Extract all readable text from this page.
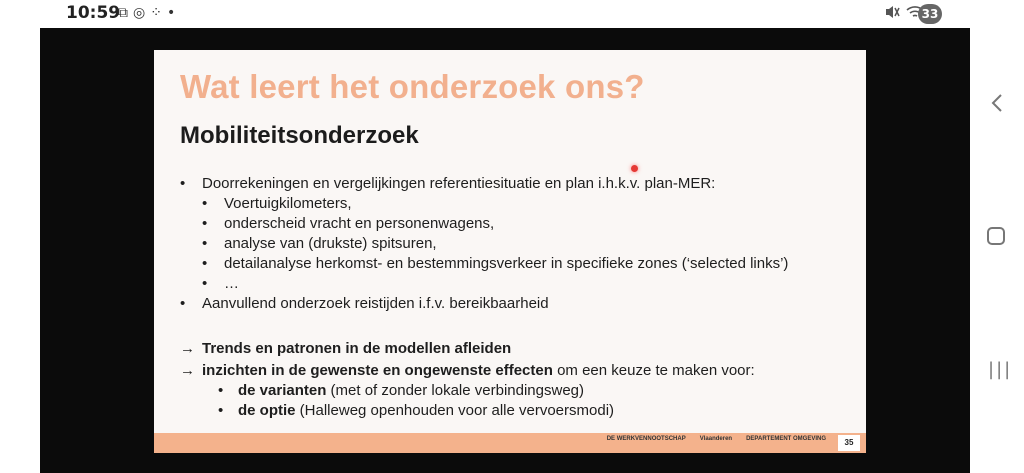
10:59
⧉ ◎ ⁘ •	33
Wat leert het onderzoek ons?
Mobiliteitsonderzoek
• Doorrekeningen en vergelijkingen referentiesituatie en plan i.h.k.v. plan-MER:
• Voertuigkilometers,
• onderscheid vracht en personenwagens,
• analyse van (drukste) spitsuren,
• detailanalyse herkomst- en bestemmingsverkeer in specifieke zones (‘selected links’)
• …
• Aanvullend onderzoek reistijden i.f.v. bereikbaarheid
→ Trends en patronen in de modellen afleiden
→ inzichten in de gewenste en ongewenste effecten om een keuze te maken voor:
• de varianten (met of zonder lokale verbindingsweg)
• de optie (Halleweg openhouden voor alle vervoersmodi)
DE WERKVENNOOTSCHAP Vlaanderen DEPARTEMENT OMGEVING	35
|||
